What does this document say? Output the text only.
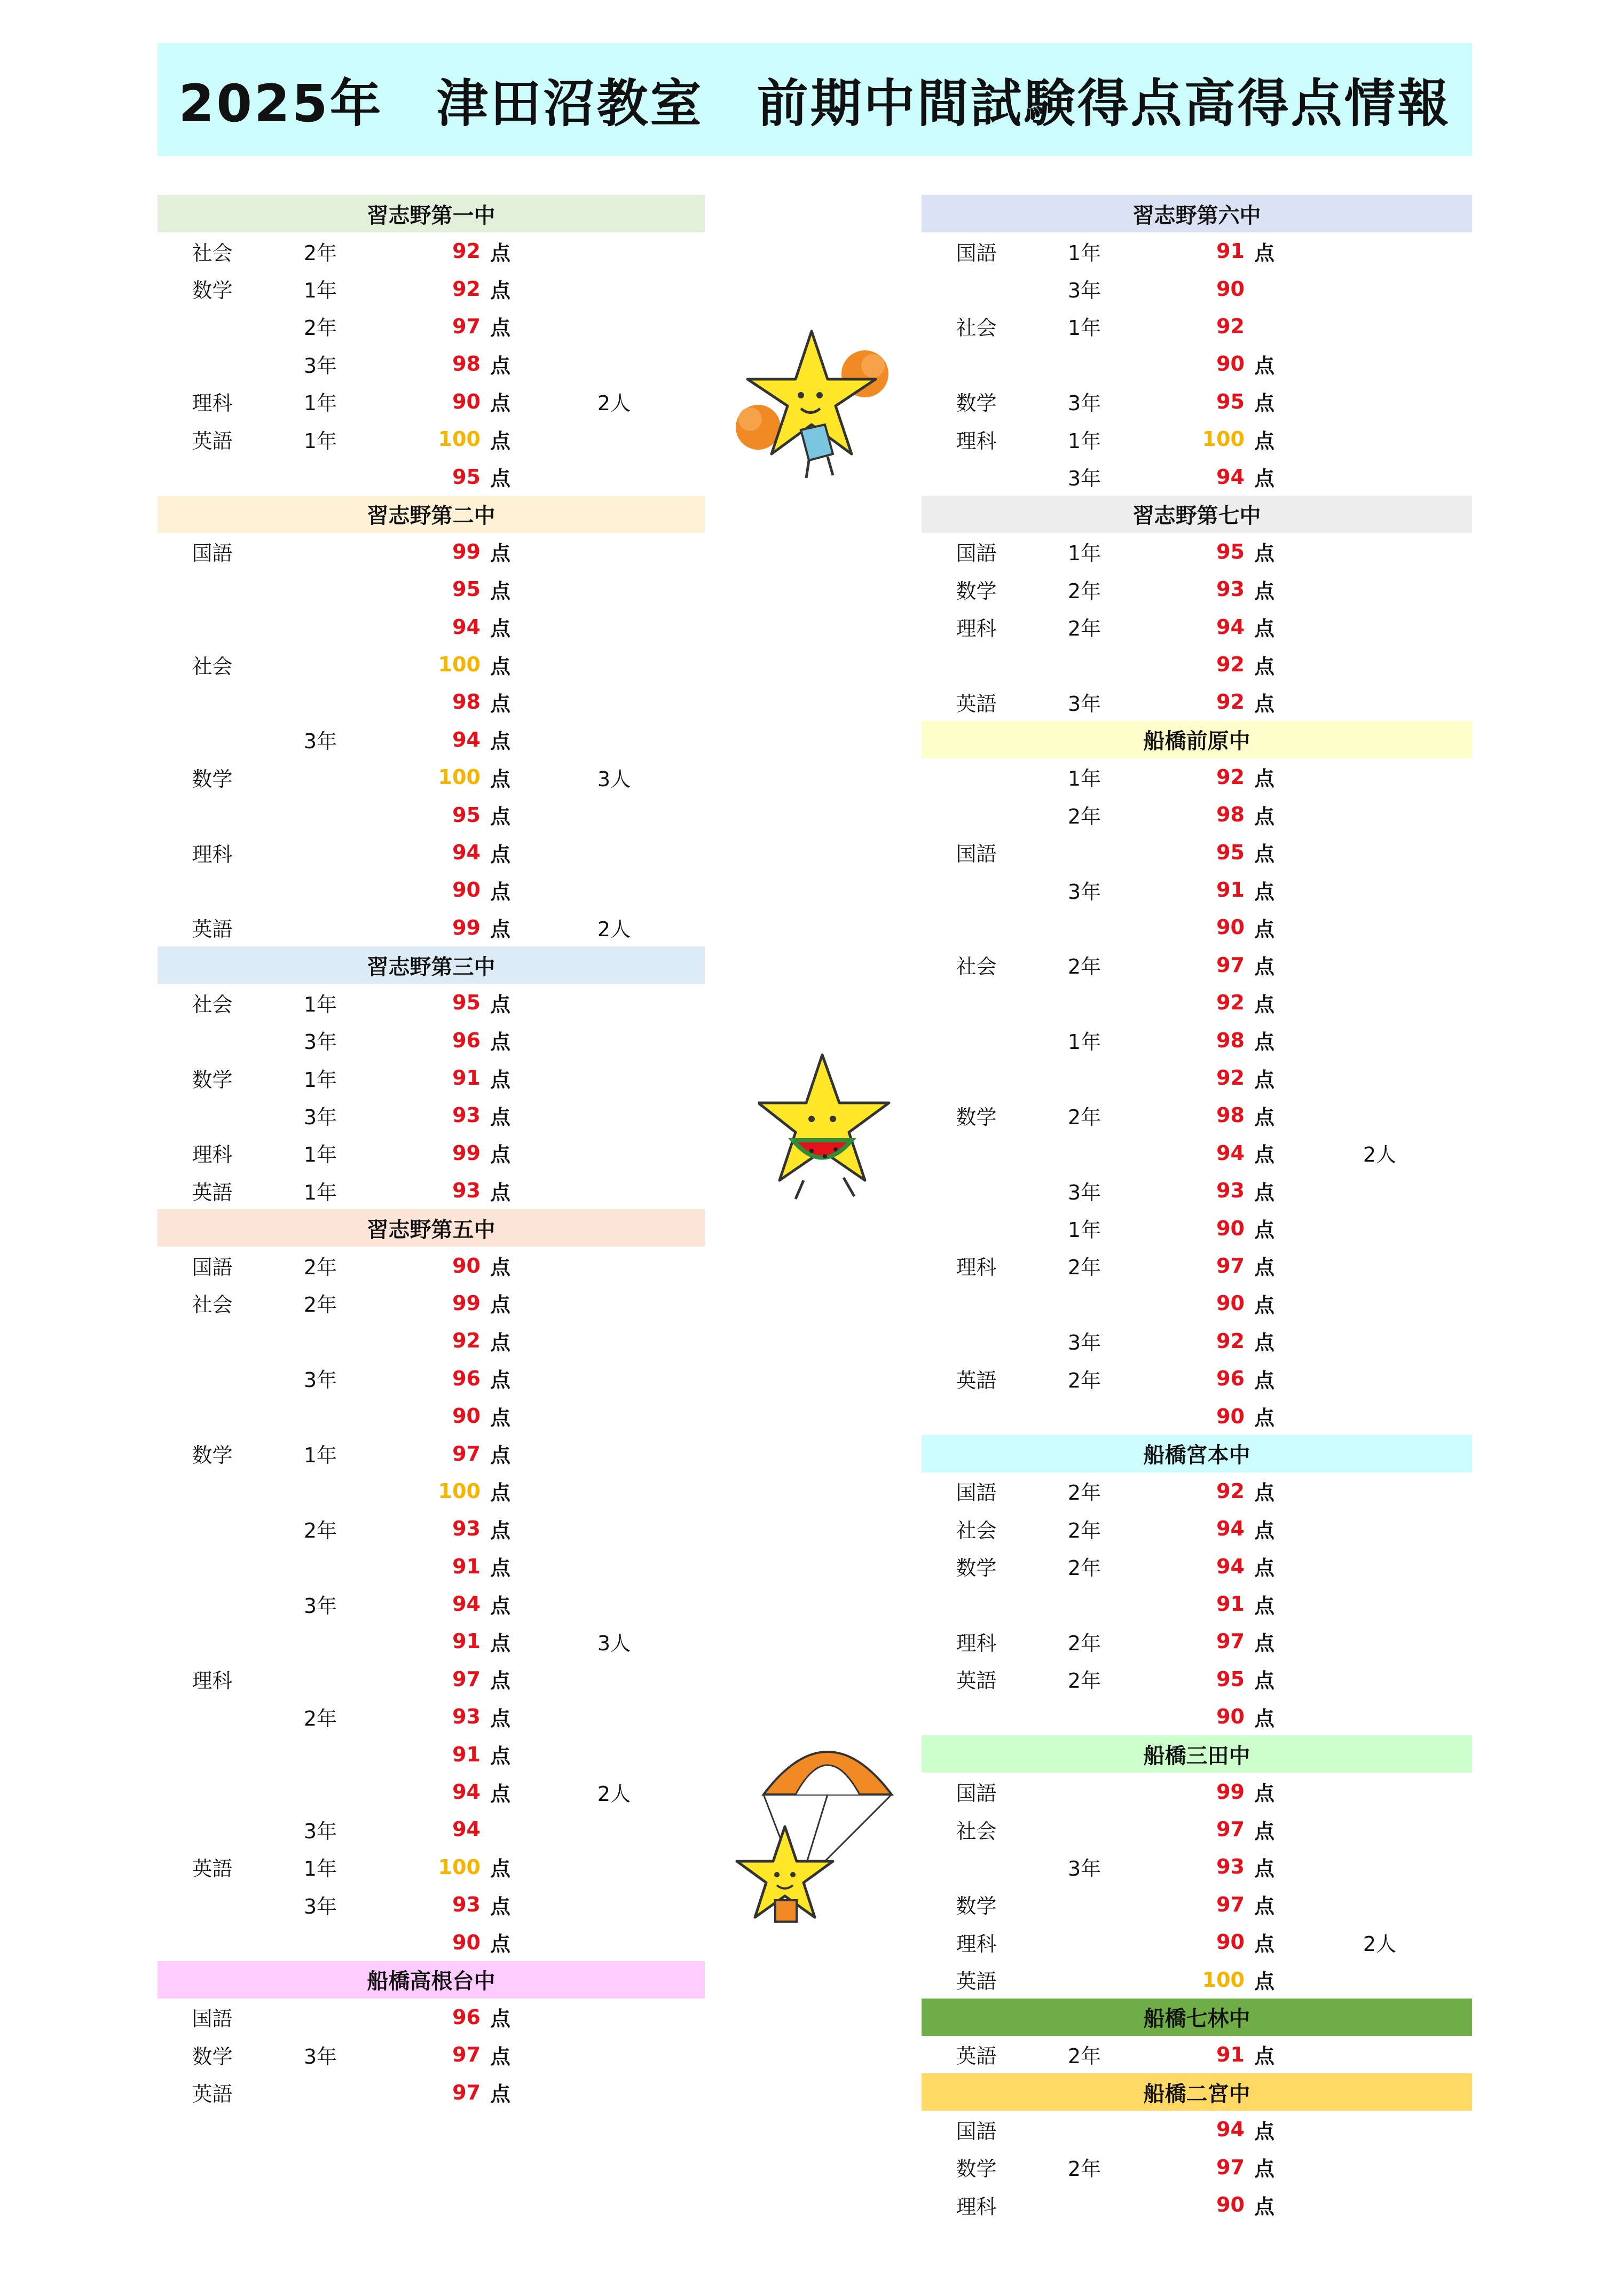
2025年　津田沼教室　前期中間試験得点高得点情報
習志野第一中
社会	2年	92	点	
数学	1年	92	点	
	2年	97	点	
	3年	98	点	
理科	1年	90	点	2人
英語	1年	100	点	
		95	点	
習志野第二中
国語		99	点	
		95	点	
		94	点	
社会		100	点	
		98	点	
	3年	94	点	
数学		100	点	3人
		95	点	
理科		94	点	
		90	点	
英語		99	点	2人
習志野第三中
社会	1年	95	点	
	3年	96	点	
数学	1年	91	点	
	3年	93	点	
理科	1年	99	点	
英語	1年	93	点	
習志野第五中
国語	2年	90	点	
社会	2年	99	点	
		92	点	
	3年	96	点	
		90	点	
数学	1年	97	点	
		100	点	
	2年	93	点	
		91	点	
	3年	94	点	
		91	点	3人
理科		97	点	
	2年	93	点	
		91	点	
		94	点	2人
	3年	94		
英語	1年	100	点	
	3年	93	点	
		90	点	
船橋高根台中
国語		96	点	
数学	3年	97	点	
英語		97	点	
習志野第六中
国語	1年	91	点	
	3年	90		
社会	1年	92		
		90	点	
数学	3年	95	点	
理科	1年	100	点	
	3年	94	点	
習志野第七中
国語	1年	95	点	
数学	2年	93	点	
理科	2年	94	点	
		92	点	
英語	3年	92	点	
船橋前原中
	1年	92	点	
	2年	98	点	
国語		95	点	
	3年	91	点	
		90	点	
社会	2年	97	点	
		92	点	
	1年	98	点	
		92	点	
数学	2年	98	点	
		94	点	2人
	3年	93	点	
	1年	90	点	
理科	2年	97	点	
		90	点	
	3年	92	点	
英語	2年	96	点	
		90	点	
船橋宮本中
国語	2年	92	点	
社会	2年	94	点	
数学	2年	94	点	
		91	点	
理科	2年	97	点	
英語	2年	95	点	
		90	点	
船橋三田中
国語		99	点	
社会		97	点	
	3年	93	点	
数学		97	点	
理科		90	点	2人
英語		100	点	
船橋七林中
英語	2年	91	点	
船橋二宮中
国語		94	点	
数学	2年	97	点	
理科		90	点	
